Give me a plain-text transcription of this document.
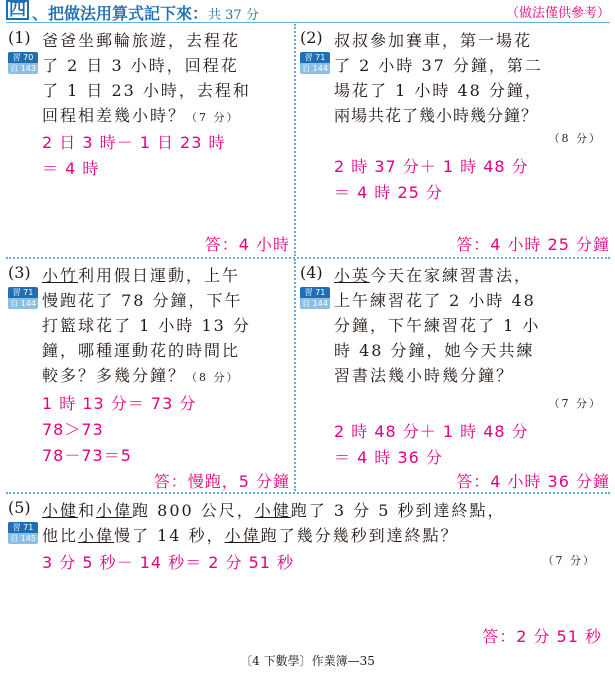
四 、把做法用算式記下來：共 37 分	（做法僅供參考）
(1)
習 70
自 143
爸爸坐郵輪旅遊，去程花
了 2 日 3 小時，回程花
了 1 日 23 小時，去程和
回程相差幾小時？（7 分）
2 日 3 時－ 1 日 23 時
＝ 4 時
答：4 小時
(2)
習 71
自 144
叔叔參加賽車，第一場花
了 2 小時 37 分鐘，第二
場花了 1 小時 48 分鐘，
兩場共花了幾小時幾分鐘？
（8 分）
2 時 37 分＋ 1 時 48 分
＝ 4 時 25 分
答：4 小時 25 分鐘
(3)
習 71
自 144
小竹利用假日運動，上午
慢跑花了 78 分鐘，下午
打籃球花了 1 小時 13 分
鐘，哪種運動花的時間比
較多？多幾分鐘？（8 分）
1 時 13 分＝ 73 分
78＞73
78－73＝5
答：慢跑，5 分鐘
(4)
習 71
自 144
小英今天在家練習書法，
上午練習花了 2 小時 48
分鐘，下午練習花了 1 小
時 48 分鐘，她今天共練
習書法幾小時幾分鐘？
（7 分）
2 時 48 分＋ 1 時 48 分
＝ 4 時 36 分
答：4 小時 36 分鐘
(5)
習 71
自 145
小健和小偉跑 800 公尺，小健跑了 3 分 5 秒到達終點，
他比小偉慢了 14 秒，小偉跑了幾分幾秒到達終點？
（7 分）
3 分 5 秒－ 14 秒＝ 2 分 51 秒
答：2 分 51 秒
〔4 下數學〕作業簿—35
